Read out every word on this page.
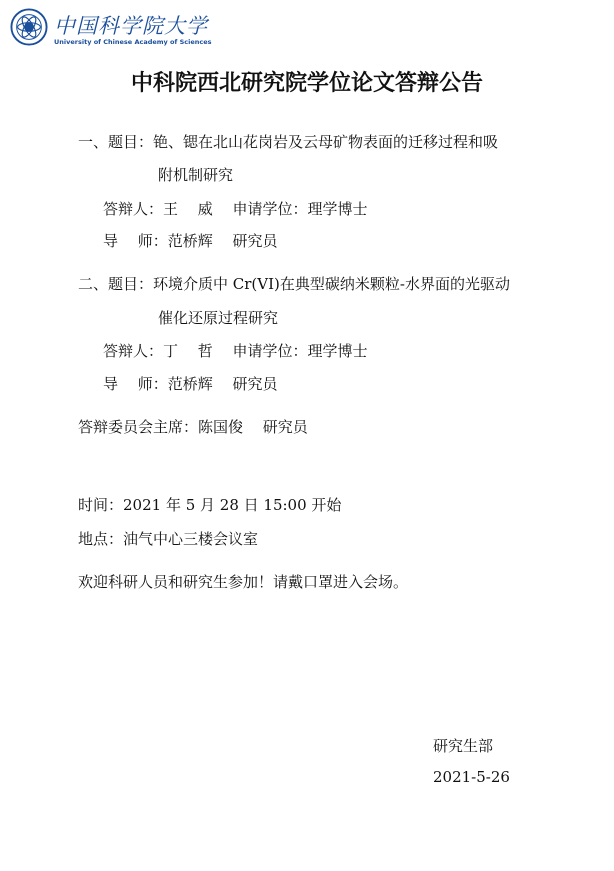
中国科学院大学
University of Chinese Academy of Sciences
中科院西北研究院学位论文答辩公告
一、题目：铯、锶在北山花岗岩及云母矿物表面的迁移过程和吸
附机制研究
答辩人：王　 威　 申请学位：理学博士
导　 师：范桥辉　 研究员
二、题目：环境介质中 Cr(VI)在典型碳纳米颗粒-水界面的光驱动
催化还原过程研究
答辩人：丁　 哲　 申请学位：理学博士
导　 师：范桥辉　 研究员
答辩委员会主席：陈国俊　 研究员
时间：2021 年 5 月 28 日 15:00 开始
地点：油气中心三楼会议室
欢迎科研人员和研究生参加！请戴口罩进入会场。
研究生部
2021-5-26
